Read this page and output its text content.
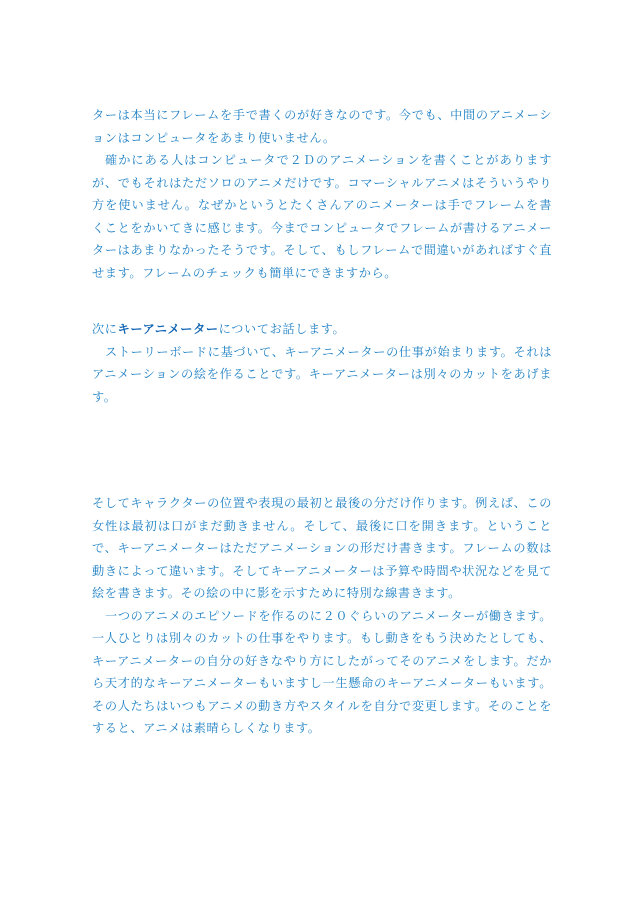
ターは本当にフレームを手で書くのが好きなのです。今でも、中間のアニメーションはコンピュータをあまり使いません。

確かにある人はコンピュータで２Ｄのアニメーションを書くことがありますが、でもそれはただソロのアニメだけです。コマーシャルアニメはそういうやり方を使いません。なぜかというとたくさんアのニメーターは手でフレームを書くことをかいてきに感じます。今までコンピュータでフレームが書けるアニメーターはあまりなかったそうです。そして、もしフレームで間違いがあればすぐ直せます。フレームのチェックも簡単にできますから。

次にキーアニメーターについてお話します。

ストーリーボードに基づいて、キーアニメーターの仕事が始まります。それはアニメーションの絵を作ることです。キーアニメーターは別々のカットをあげます。

そしてキャラクターの位置や表現の最初と最後の分だけ作ります。例えば、この女性は最初は口がまだ動きません。そして、最後に口を開きます。ということで、キーアニメーターはただアニメーションの形だけ書きます。フレームの数は動きによって違います。そしてキーアニメーターは予算や時間や状況などを見て絵を書きます。その絵の中に影を示すために特別な線書きます。

一つのアニメのエピソードを作るのに２０ぐらいのアニメーターが働きます。一人ひとりは別々のカットの仕事をやります。もし動きをもう決めたとしても、キーアニメーターの自分の好きなやり方にしたがってそのアニメをします。だから天才的なキーアニメーターもいますし一生懸命のキーアニメーターもいます。その人たちはいつもアニメの動き方やスタイルを自分で変更します。そのことをすると、アニメは素晴らしくなります。
